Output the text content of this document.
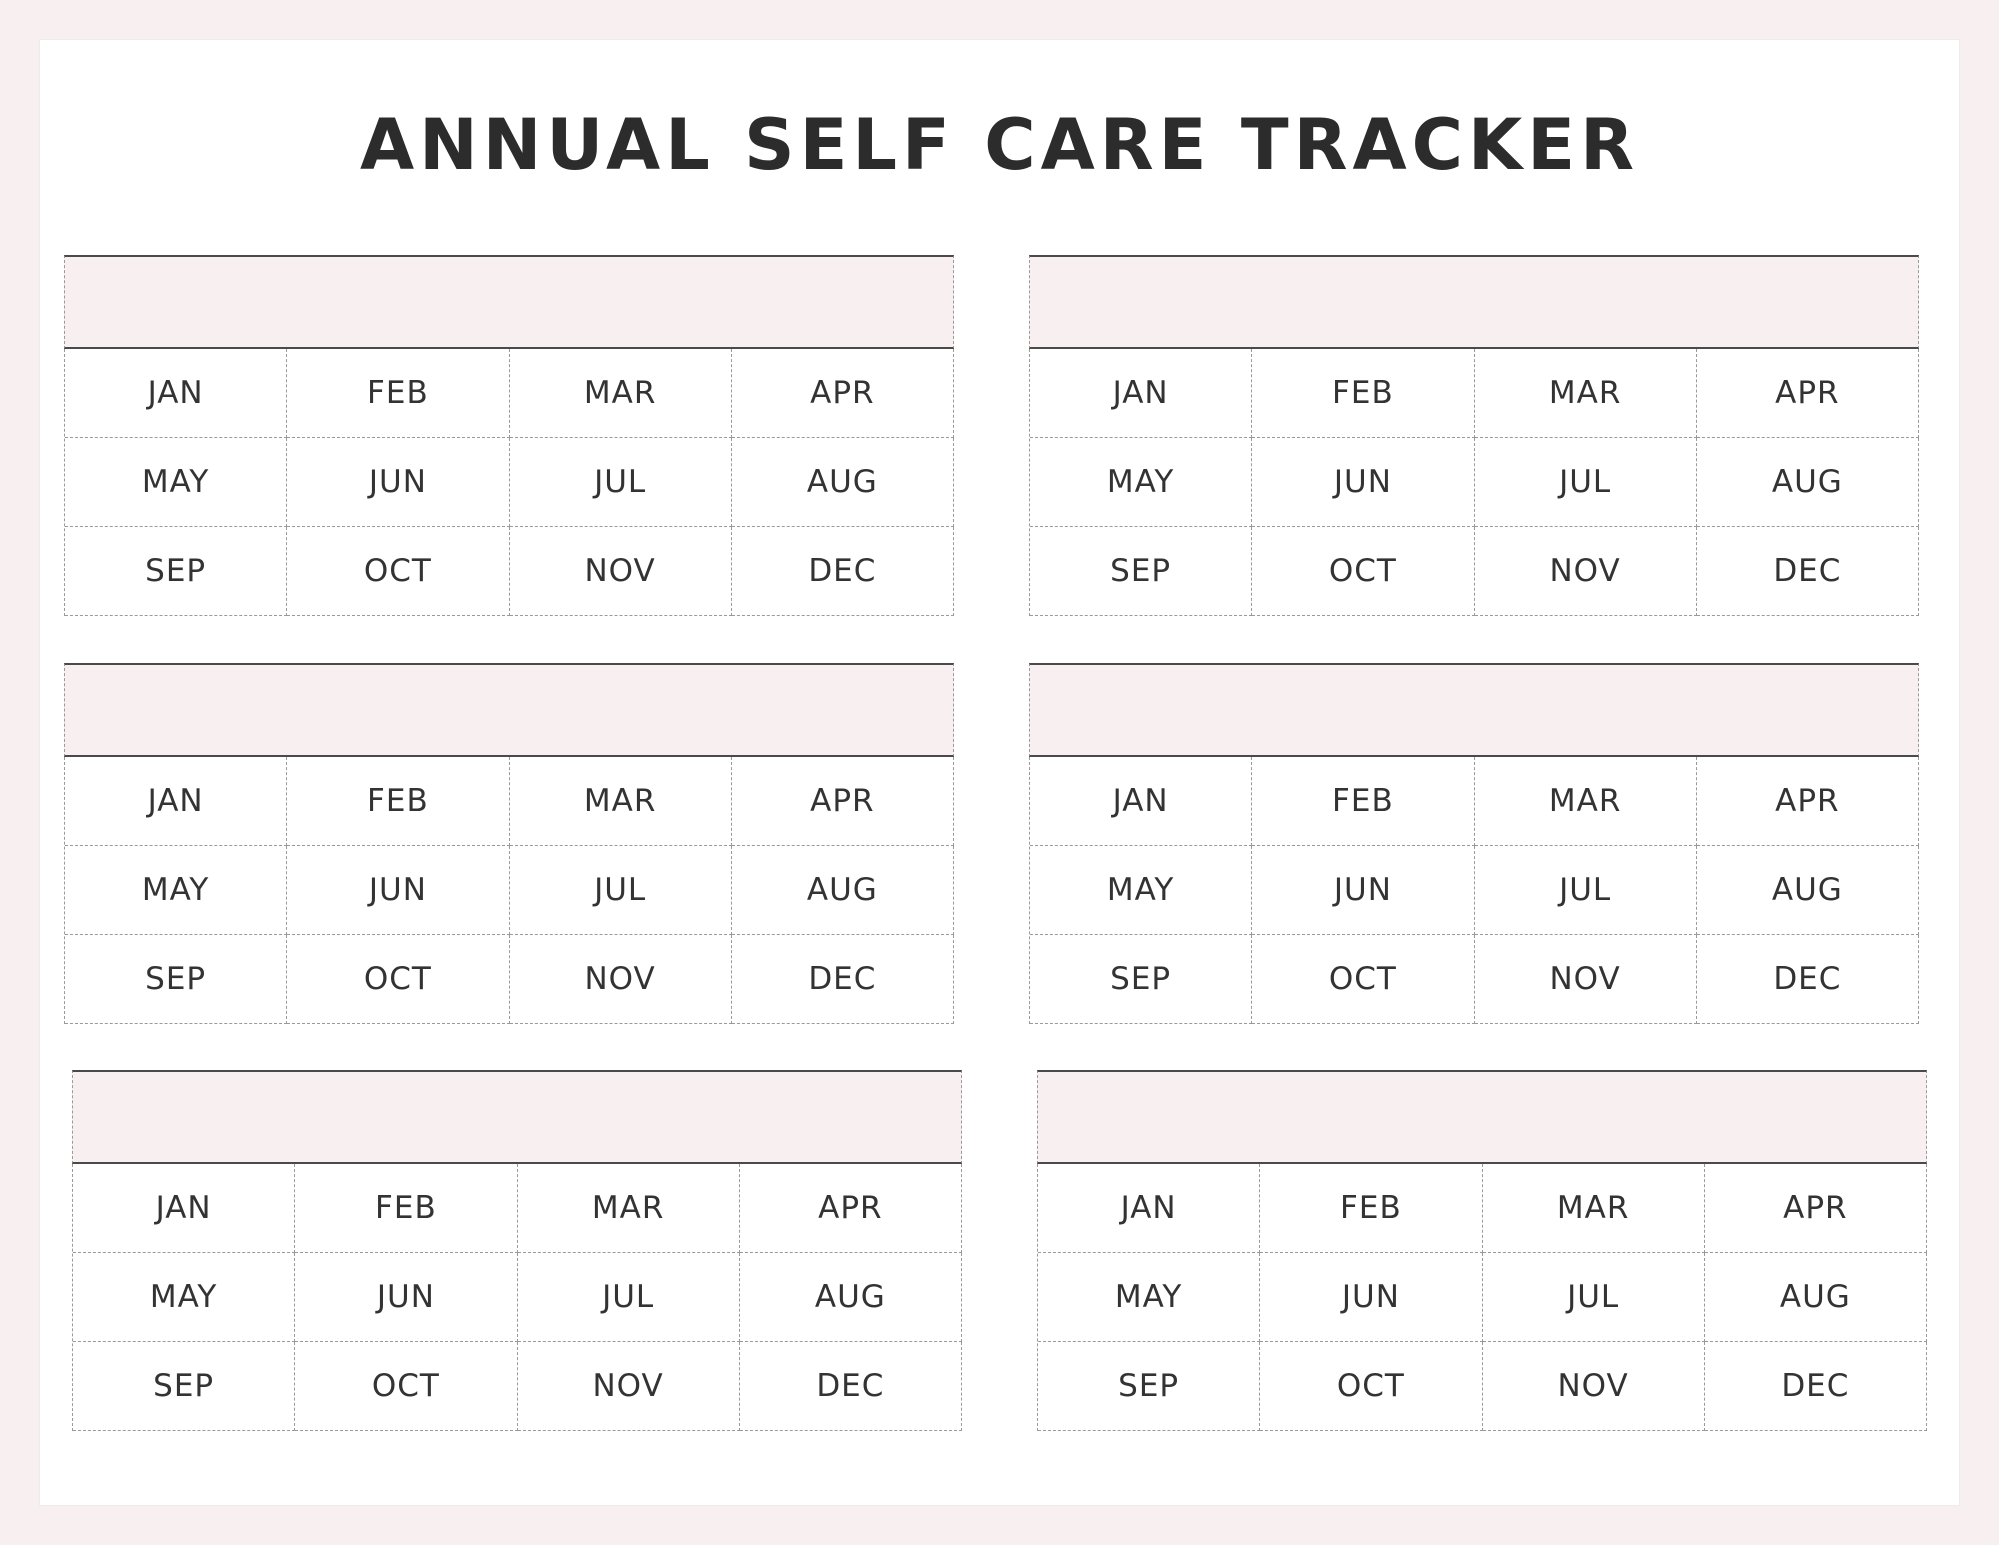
ANNUAL SELF CARE TRACKER
JAN	FEB	MAR	APR
MAY	JUN	JUL	AUG
SEP	OCT	NOV	DEC
JAN	FEB	MAR	APR
MAY	JUN	JUL	AUG
SEP	OCT	NOV	DEC
JAN	FEB	MAR	APR
MAY	JUN	JUL	AUG
SEP	OCT	NOV	DEC
JAN	FEB	MAR	APR
MAY	JUN	JUL	AUG
SEP	OCT	NOV	DEC
JAN	FEB	MAR	APR
MAY	JUN	JUL	AUG
SEP	OCT	NOV	DEC
JAN	FEB	MAR	APR
MAY	JUN	JUL	AUG
SEP	OCT	NOV	DEC
